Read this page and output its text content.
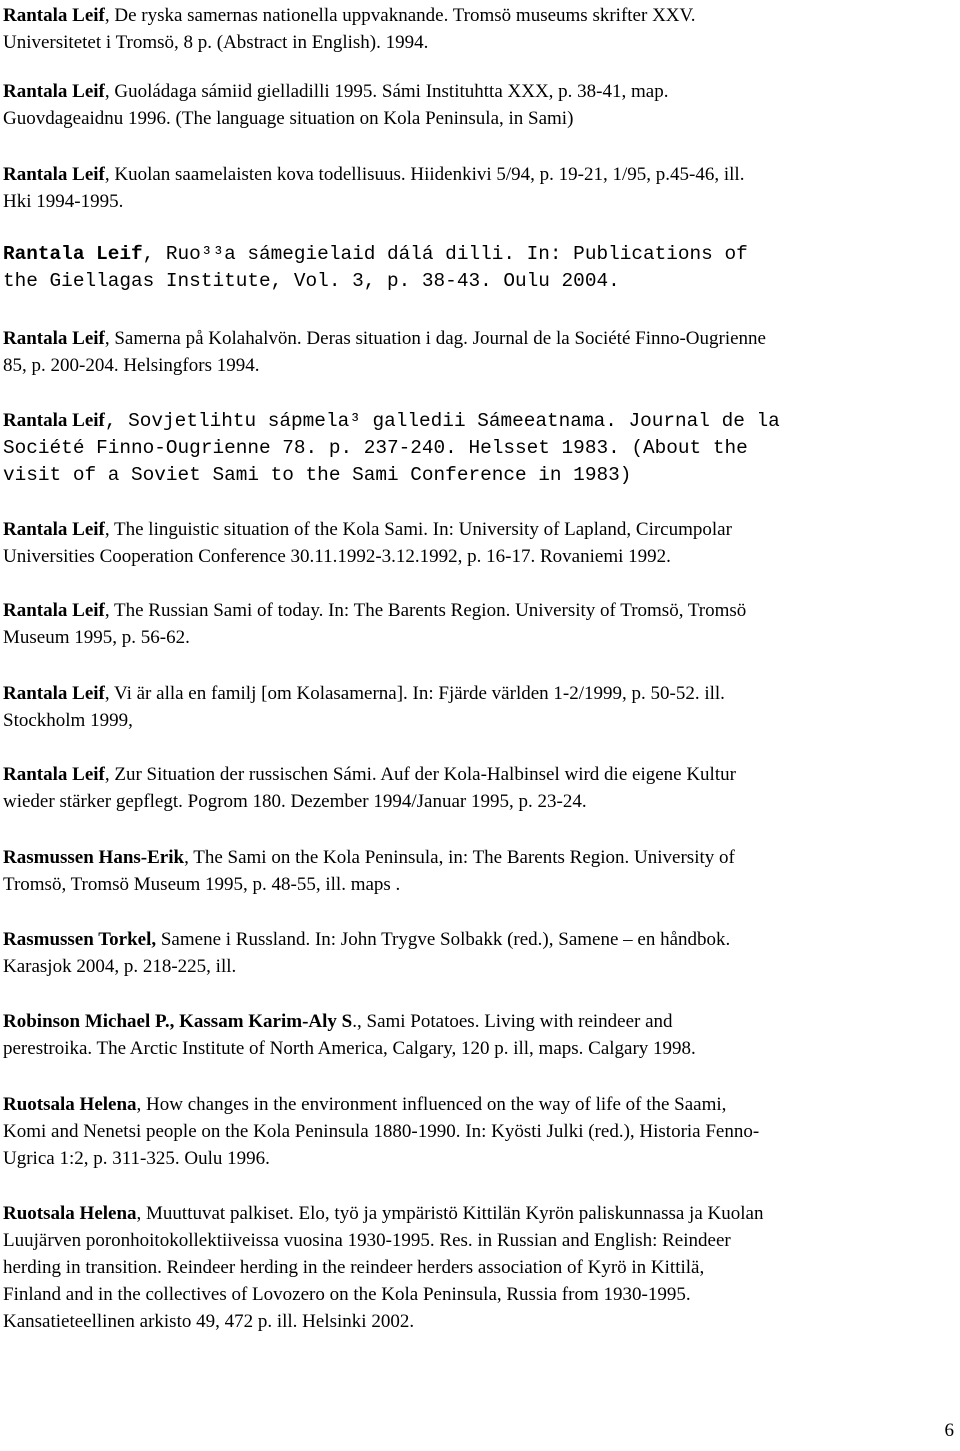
Rantala Leif, De ryska samernas nationella uppvaknande. Tromsö museums skrifter XXV.
Universitetet i Tromsö, 8 p. (Abstract in English). 1994.
Rantala Leif, Guoládaga sámiid gielladilli 1995. Sámi Instituhtta XXX, p. 38-41, map.
Guovdageaidnu 1996. (The language situation on Kola Peninsula, in Sami)
Rantala Leif, Kuolan saamelaisten kova todellisuus. Hiidenkivi 5/94, p. 19-21, 1/95, p.45-46, ill.
Hki 1994-1995.
Rantala Leif, Ruo³³a sámegielaid dálá dilli. In: Publications of
the Giellagas Institute, Vol. 3, p. 38-43. Oulu 2004.
Rantala Leif, Samerna på Kolahalvön. Deras situation i dag. Journal de la Société Finno-Ougrienne
85, p. 200-204. Helsingfors 1994.
Rantala Leif, Sovjetlihtu sápmela³ galledii Sámeeatnama. Journal de la
Société Finno-Ougrienne 78. p. 237-240. Helsset 1983. (About the
visit of a Soviet Sami to the Sami Conference in 1983)
Rantala Leif, The linguistic situation of the Kola Sami. In: University of Lapland, Circumpolar
Universities Cooperation Conference 30.11.1992-3.12.1992, p. 16-17. Rovaniemi 1992.
Rantala Leif, The Russian Sami of today. In: The Barents Region. University of Tromsö, Tromsö
Museum 1995, p. 56-62.
Rantala Leif, Vi är alla en familj [om Kolasamerna]. In: Fjärde världen 1-2/1999, p. 50-52. ill.
Stockholm 1999,
Rantala Leif, Zur Situation der russischen Sámi. Auf der Kola-Halbinsel wird die eigene Kultur
wieder stärker gepflegt. Pogrom 180. Dezember 1994/Januar 1995, p. 23-24.
Rasmussen Hans-Erik, The Sami on the Kola Peninsula, in: The Barents Region. University of
Tromsö, Tromsö Museum 1995, p. 48-55, ill. maps .
Rasmussen Torkel, Samene i Russland. In: John Trygve Solbakk (red.), Samene – en håndbok.
Karasjok 2004, p. 218-225, ill.
Robinson Michael P., Kassam Karim-Aly S., Sami Potatoes. Living with reindeer and
perestroika. The Arctic Institute of North America, Calgary, 120 p. ill, maps. Calgary 1998.
Ruotsala Helena, How changes in the environment influenced on the way of life of the Saami,
Komi and Nenetsi people on the Kola Peninsula 1880-1990. In: Kyösti Julki (red.), Historia Fenno-
Ugrica 1:2, p. 311-325. Oulu 1996.
Ruotsala Helena, Muuttuvat palkiset. Elo, työ ja ympäristö Kittilän Kyrön paliskunnassa ja Kuolan
Luujärven poronhoitokollektiiveissa vuosina 1930-1995. Res. in Russian and English: Reindeer
herding in transition. Reindeer herding in the reindeer herders association of Kyrö in Kittilä,
Finland and in the collectives of Lovozero on the Kola Peninsula, Russia from 1930-1995.
Kansatieteellinen arkisto 49, 472 p. ill. Helsinki 2002.
6
